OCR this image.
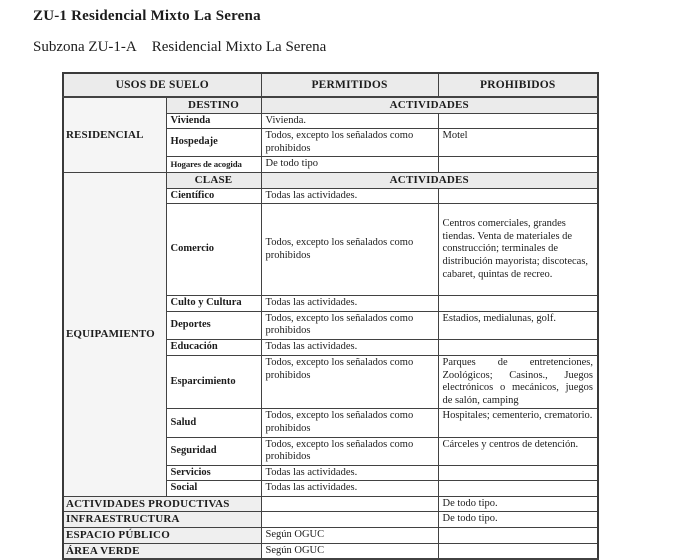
ZU-1 Residencial Mixto La Serena
Subzona ZU-1-A Residencial Mixto La Serena
USOS DE SUELO		PERMITIDOS	PROHIBIDOS
RESIDENCIAL	DESTINO	ACTIVIDADES	
	Vivienda	Vivienda.	
	Hospedaje	Todos, excepto los señalados como prohibidos	Motel
	Hogares de acogida	De todo tipo	
EQUIPAMIENTO	CLASE	ACTIVIDADES	
	Científico	Todas las actividades.	
	Comercio	Todos, excepto los señalados como prohibidos	Centros comerciales, grandes tiendas. Venta de materiales de construcción; terminales de distribución mayorista; discotecas, cabaret, quintas de recreo.
	Culto y Cultura	Todas las actividades.	
	Deportes	Todos, excepto los señalados como prohibidos	Estadios, medialunas, golf.
	Educación	Todas las actividades.	
	Esparcimiento	Todos, excepto los señalados como prohibidos	Parques de entretenciones, Zoológicos; Casinos., Juegos electrónicos o mecánicos, juegos de salón, camping
	Salud	Todos, excepto los señalados como prohibidos	Hospitales; cementerio, crematorio.
	Seguridad	Todos, excepto los señalados como prohibidos	Cárceles y centros de detención.
	Servicios	Todas las actividades.	
	Social	Todas las actividades.	
ACTIVIDADES PRODUCTIVAS			De todo tipo.
INFRAESTRUCTURA			De todo tipo.
ESPACIO PÚBLICO		Según OGUC	
ÁREA VERDE		Según OGUC	
